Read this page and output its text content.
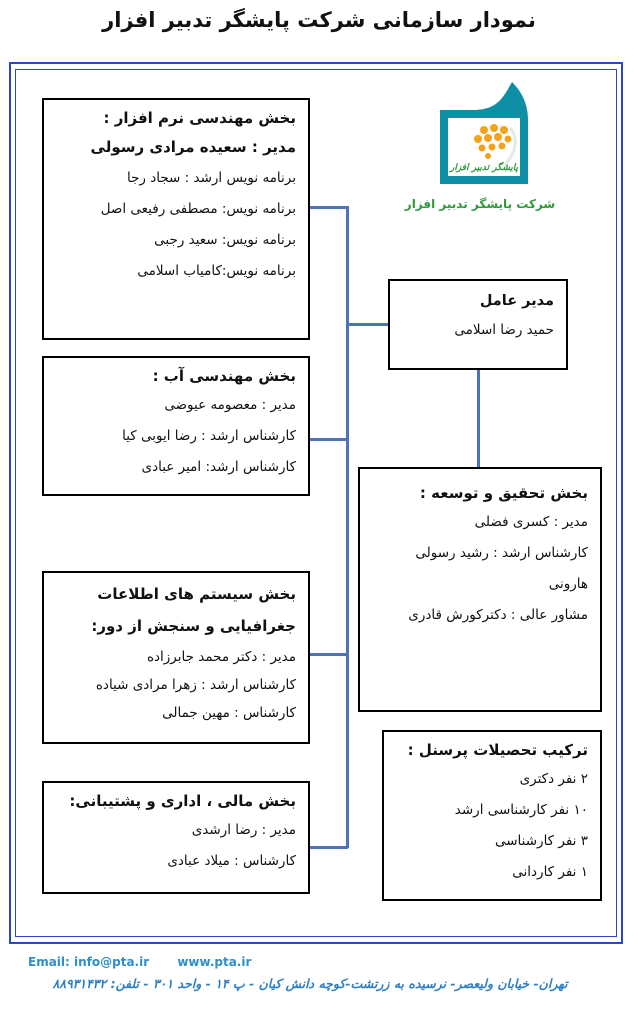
نمودار سازمانی شرکت پایشگر تدبیر افزار
پایشگر تدبیر افزار
شرکت پایشگر تدبیر افزار
بخش مهندسی نرم افزار :
مدیر : سعیده مرادی رسولی
برنامه نویس ارشد : سجاد رجا
برنامه نویس: مصطفی رفیعی اصل
برنامه نویس: سعید رجبی
برنامه نویس:کامیاب اسلامی
بخش مهندسی آب :
مدیر : معصومه عیوضی
کارشناس ارشد : رضا ایوبی کیا
کارشناس ارشد: امیر عبادی
بخش سیستم های اطلاعات
جغرافیایی و سنجش از دور:
مدیر : دکتر محمد جابرزاده
کارشناس ارشد : زهرا مرادی شیاده
کارشناس : مهین جمالی
بخش مالی ، اداری و پشتیبانی:
مدیر : رضا ارشدی
کارشناس : میلاد عبادی
مدیر عامل
حمید رضا اسلامی
بخش تحقیق و توسعه :
مدیر : کسری فضلی
کارشناس ارشد : رشید رسولی
هارونی
مشاور عالی : دکترکورش قادری
ترکیب تحصیلات پرسنل :
۲ نفر دکتری
۱۰ نفر کارشناسی ارشد
۳ نفر کارشناسی
۱ نفر کاردانی
Email: info@pta.ir www.pta.ir
تهران- خیابان ولیعصر- نرسیده به زرتشت-کوچه دانش کیان - پ ۱۴ - واحد ۳۰۱ - تلفن: ۸۸۹۳۱۴۳۲
